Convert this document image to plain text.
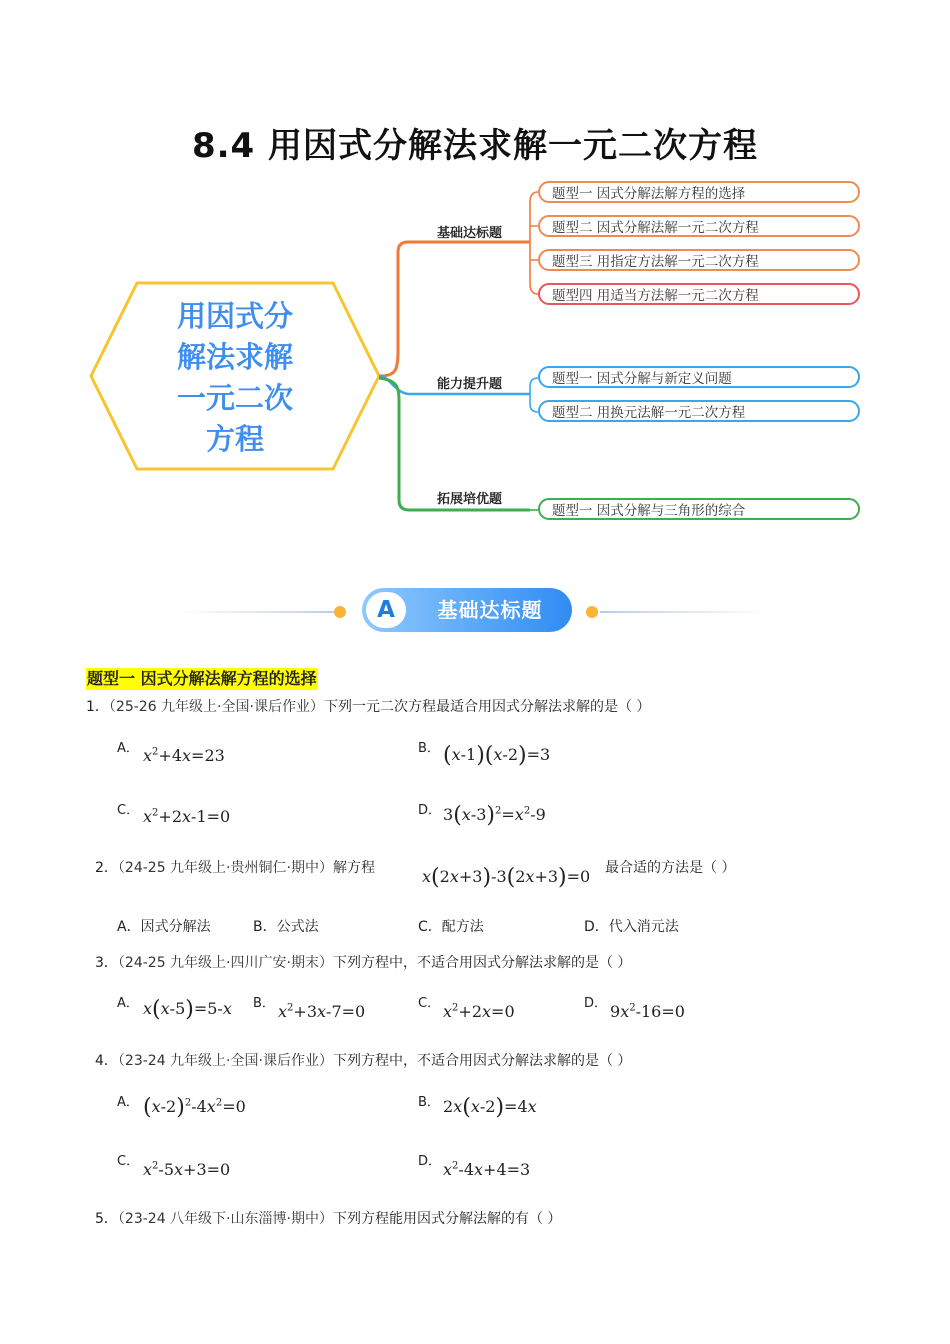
8.4 用因式分解法求解一元二次方程
用因式分
解法求解
一元二次
方程
基础达标题
能力提升题
拓展培优题
题型一 因式分解法解方程的选择
题型二 因式分解法解一元二次方程
题型三 用指定方法解一元二次方程
题型四 用适当方法解一元二次方程
题型一 因式分解与新定义问题
题型二 用换元法解一元二次方程
题型一 因式分解与三角形的综合
A	基础达标题
题型一 因式分解法解方程的选择
1．（25-26 九年级上·全国·课后作业）下列一元二次方程最适合用因式分解法求解的是（ ）
A． $x^2+4x=23$	B． (x-1)(x-2)=3
C． $x^2+2x-1=0$	D． $3(x-3)^2=x^2-9$
2．（24-25 九年级上·贵州铜仁·期中）解方程	x(2x+3)-3(2x+3)=0 最合适的方法是（ ）
A．因式分解法	B．公式法	C．配方法	D．代入消元法
3．（24-25 九年级上·四川广安·期末）下列方程中，不适合用因式分解法求解的是（ ）
A． x(x-5)=5-x B． $x^2+3x-7=0$	C． $x^2+2x=0$	D． $9x^2-16=0$
4．（23-24 九年级上·全国·课后作业）下列方程中，不适合用因式分解法求解的是（ ）
A． $(x-2)^2-4x^2=0$	B． 2x(x-2)=4x
C． $x^2-5x+3=0$	D． $x^2-4x+4=3$
5．（23-24 八年级下·山东淄博·期中）下列方程能用因式分解法解的有（ ）
